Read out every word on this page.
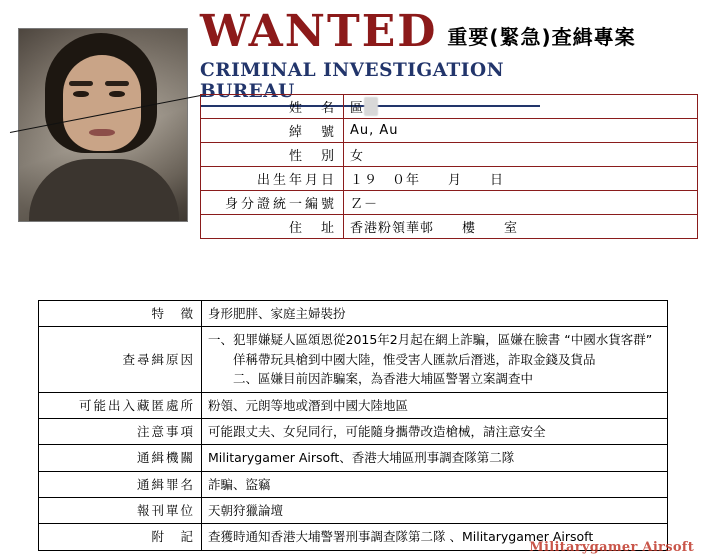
WANTED 重要(緊急)查緝專案
CRIMINAL INVESTIGATION BUREAU
姓　名	區
綽　號	Au, Au
性　別	女
出生年月日	１９　０年　　月　　日
身分證統一編號	Ｚ－
住　址	香港粉領華邨　　樓　　室
特　徵	身形肥胖、家庭主婦裝扮

查尋緝原因	一、犯罪嫌疑人區頌恩從2015年2月起在網上詐騙，區嫌在臉書 “中國水貨客群”
　　佯稱帶玩具槍到中國大陸，惟受害人匯款后潛逃，詐取金錢及貨品
　　二、區嫌目前因詐騙案，為香港大埔區警署立案調查中

可能出入藏匿處所	粉領、元朗等地或潛到中國大陸地區

注意事項	可能跟丈夫、女兒同行，可能隨身攜帶改造槍械，請注意安全

通緝機關	Militarygamer Airsoft、香港大埔區刑事調查隊第二隊

通緝罪名	詐騙、盜竊

報刊單位	天朝狩獵論壇

附　記	查獲時通知香港大埔警署刑事調查隊第二隊 、Militarygamer Airsoft
Militarygamer Airsoft
